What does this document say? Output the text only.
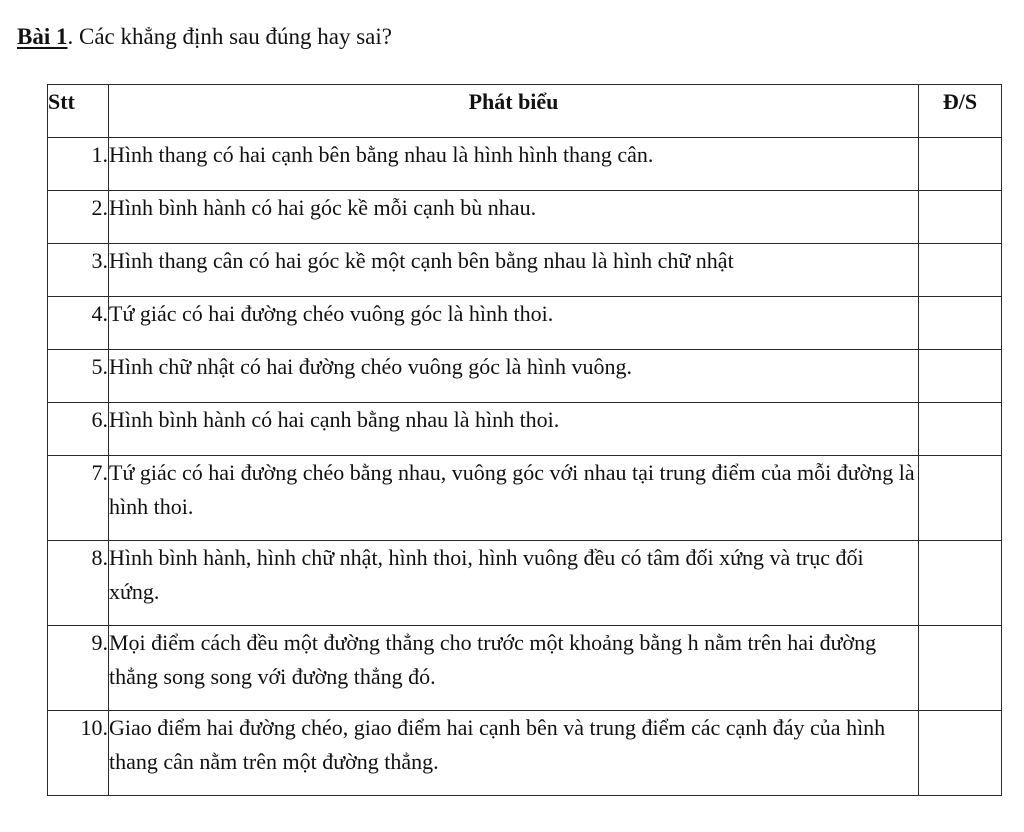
Bài 1. Các khẳng định sau đúng hay sai?
Stt	Phát biểu	Đ/S
1.	Hình thang có hai cạnh bên bằng nhau là hình hình thang cân.	
2.	Hình bình hành có hai góc kề mỗi cạnh bù nhau.	
3.	Hình thang cân có hai góc kề một cạnh bên bằng nhau là hình chữ nhật	
4.	Tứ giác có hai đường chéo vuông góc là hình thoi.	
5.	Hình chữ nhật có hai đường chéo vuông góc là hình vuông.	
6.	Hình bình hành có hai cạnh bằng nhau là hình thoi.	
7.	Tứ giác có hai đường chéo bằng nhau, vuông góc với nhau tại trung điểm của mỗi đường là hình thoi.	
8.	Hình bình hành, hình chữ nhật, hình thoi, hình vuông đều có tâm đối xứng và trục đối xứng.	
9.	Mọi điểm cách đều một đường thẳng cho trước một khoảng bằng h nằm trên hai đường thẳng song song với đường thẳng đó.	
10.	Giao điểm hai đường chéo, giao điểm hai cạnh bên và trung điểm các cạnh đáy của hình thang cân nằm trên một đường thẳng.	
